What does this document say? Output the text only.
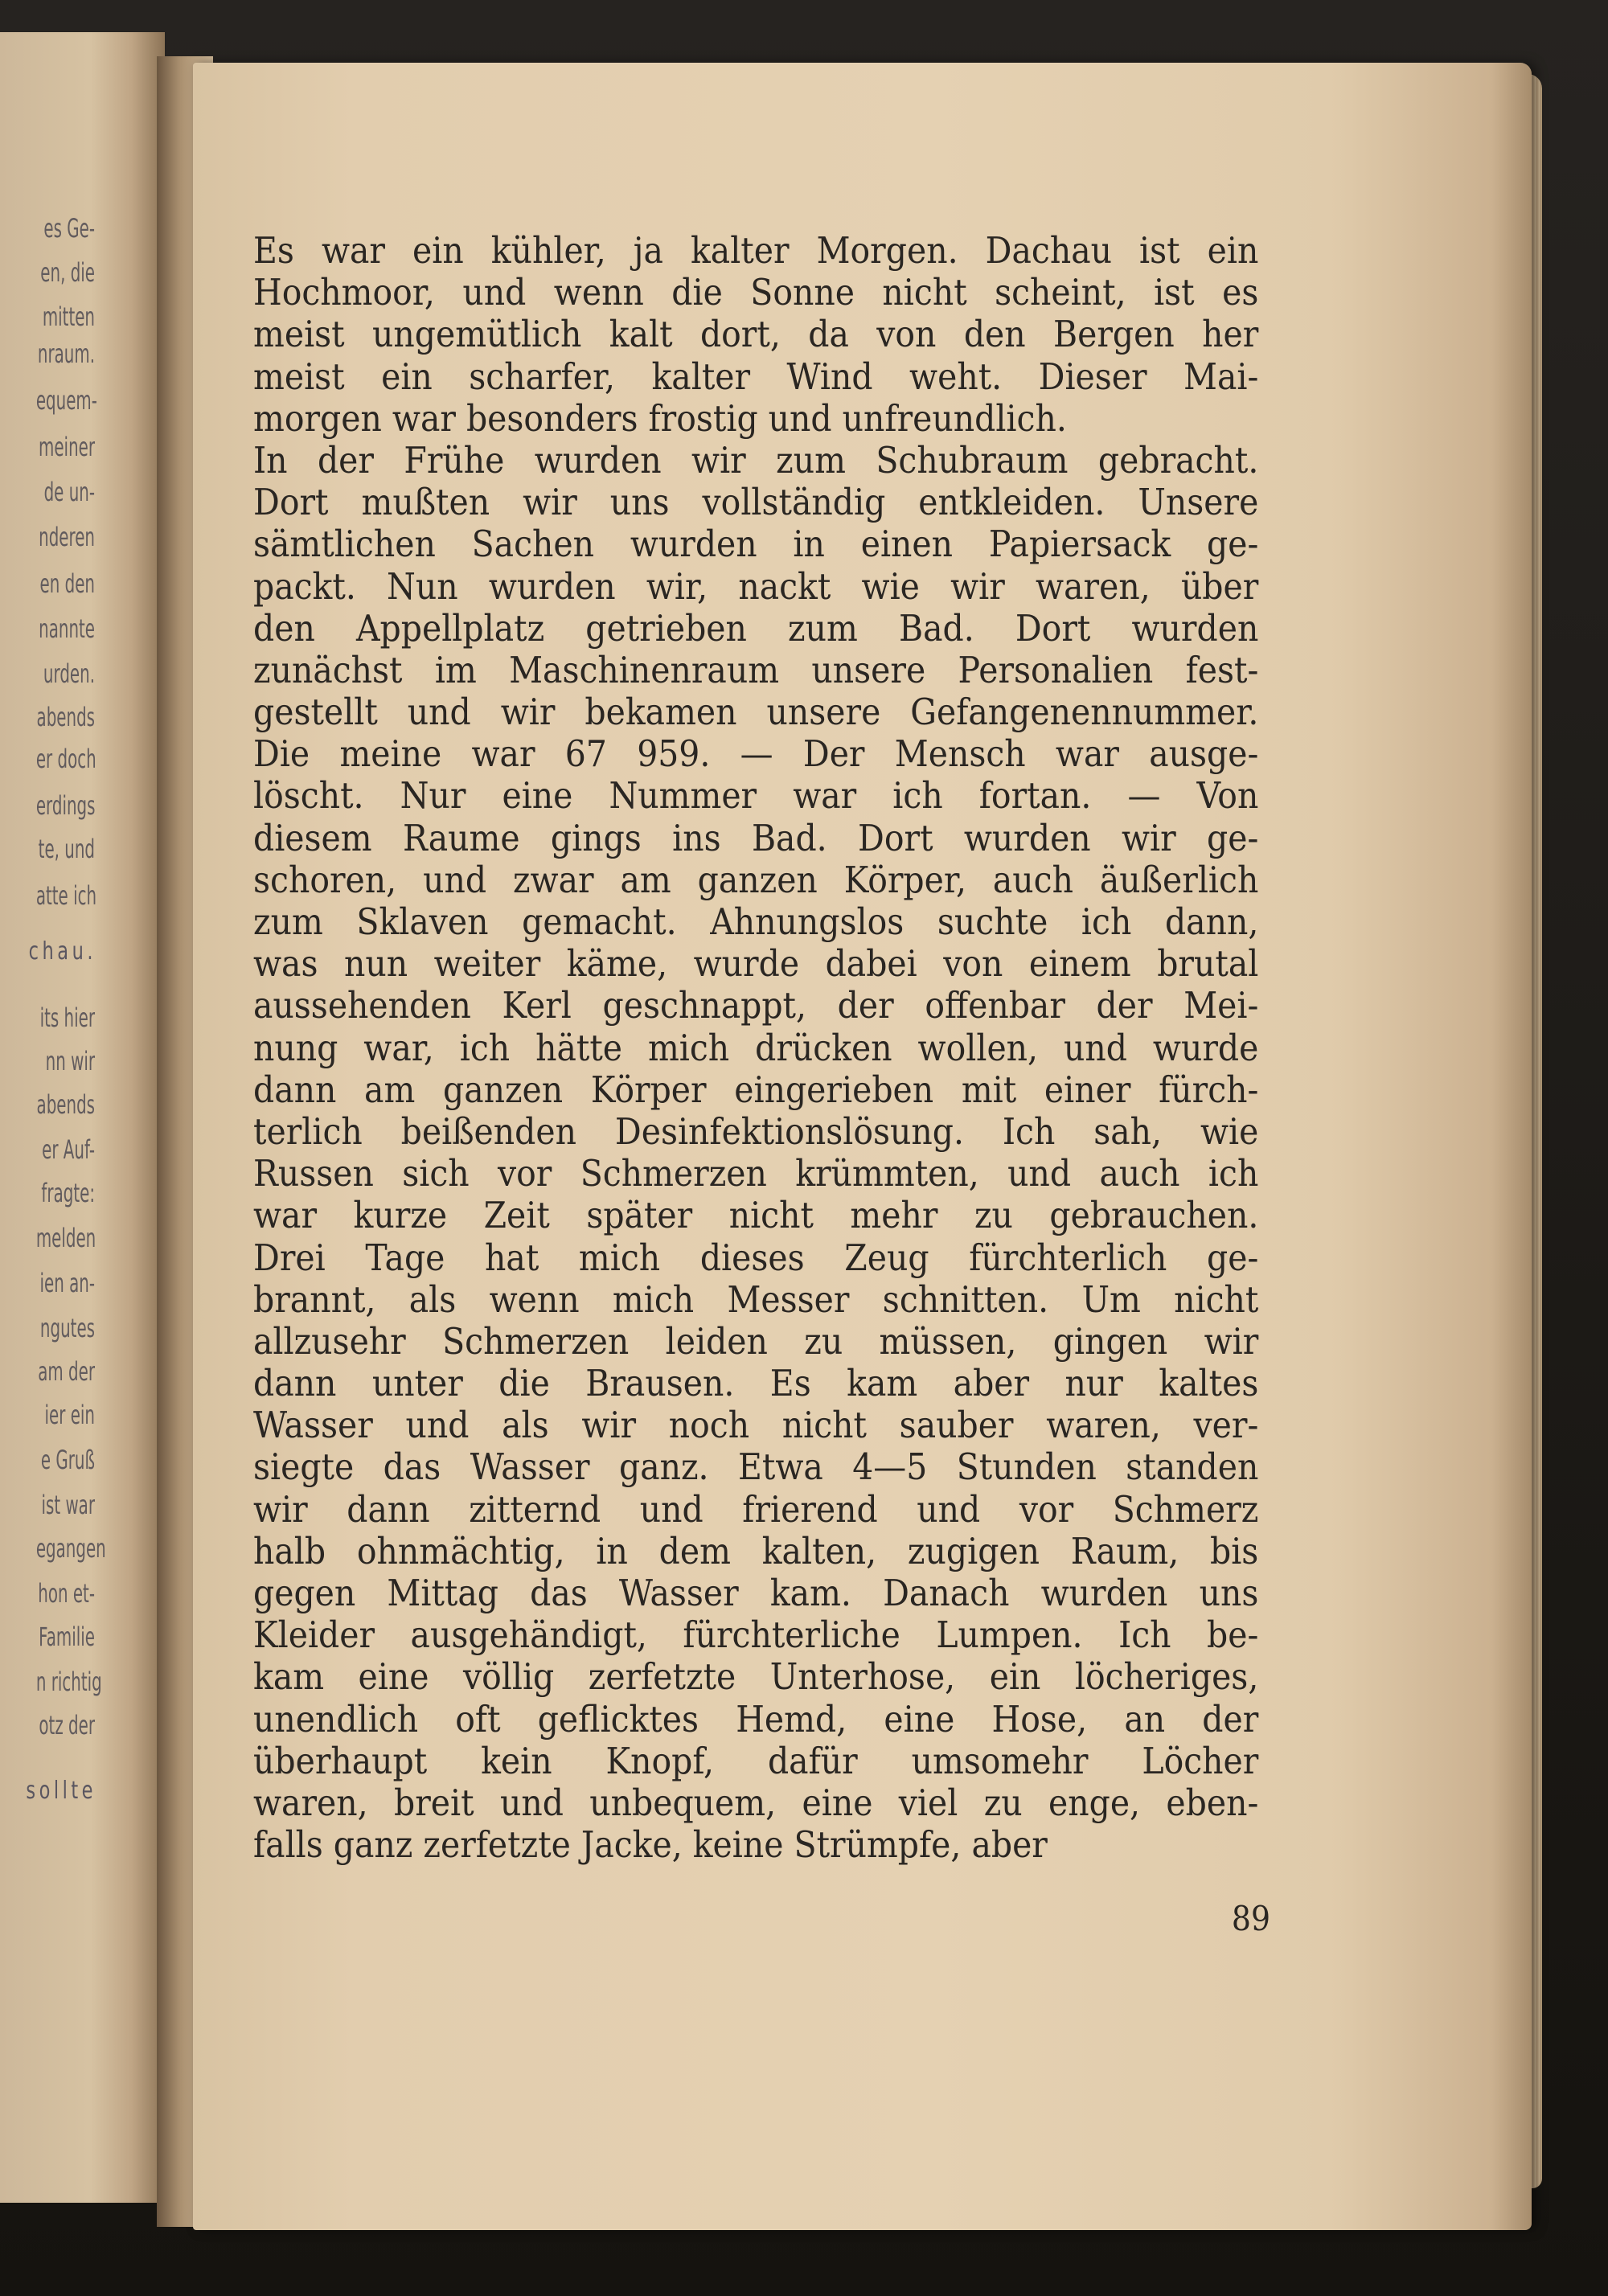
es Ge-
en, die
mitten
nraum.
equem-
meiner
de un-
nderen
en den
nannte
urden.
abends
er doch
erdings
te, und
atte ich
chau.
its hier
nn wir
abends
er Auf-
fragte:
melden
ien an-
ngutes
am der
ier ein
e Gruß
ist war
egangen
hon et-
Familie
n richtig
otz der
sollte
Es war ein kühler, ja kalter Morgen. Dachau ist ein
Hochmoor, und wenn die Sonne nicht scheint, ist es
meist ungemütlich kalt dort, da von den Bergen her
meist ein scharfer, kalter Wind weht. Dieser Mai-
morgen war besonders frostig und unfreundlich.
In der Frühe wurden wir zum Schubraum gebracht.
Dort mußten wir uns vollständig entkleiden. Unsere
sämtlichen Sachen wurden in einen Papiersack ge-
packt. Nun wurden wir, nackt wie wir waren, über
den Appellplatz getrieben zum Bad. Dort wurden
zunächst im Maschinenraum unsere Personalien fest-
gestellt und wir bekamen unsere Gefangenennummer.
Die meine war 67 959. — Der Mensch war ausge-
löscht. Nur eine Nummer war ich fortan. — Von
diesem Raume gings ins Bad. Dort wurden wir ge-
schoren, und zwar am ganzen Körper, auch äußerlich
zum Sklaven gemacht. Ahnungslos suchte ich dann,
was nun weiter käme, wurde dabei von einem brutal
aussehenden Kerl geschnappt, der offenbar der Mei-
nung war, ich hätte mich drücken wollen, und wurde
dann am ganzen Körper eingerieben mit einer fürch-
terlich beißenden Desinfektionslösung. Ich sah, wie
Russen sich vor Schmerzen krümmten, und auch ich
war kurze Zeit später nicht mehr zu gebrauchen.
Drei Tage hat mich dieses Zeug fürchterlich ge-
brannt, als wenn mich Messer schnitten. Um nicht
allzusehr Schmerzen leiden zu müssen, gingen wir
dann unter die Brausen. Es kam aber nur kaltes
Wasser und als wir noch nicht sauber waren, ver-
siegte das Wasser ganz. Etwa 4—5 Stunden standen
wir dann zitternd und frierend und vor Schmerz
halb ohnmächtig, in dem kalten, zugigen Raum, bis
gegen Mittag das Wasser kam. Danach wurden uns
Kleider ausgehändigt, fürchterliche Lumpen. Ich be-
kam eine völlig zerfetzte Unterhose, ein löcheriges,
unendlich oft geflicktes Hemd, eine Hose, an der
überhaupt kein Knopf, dafür umsomehr Löcher
waren, breit und unbequem, eine viel zu enge, eben-
falls ganz zerfetzte Jacke, keine Strümpfe, aber
89
